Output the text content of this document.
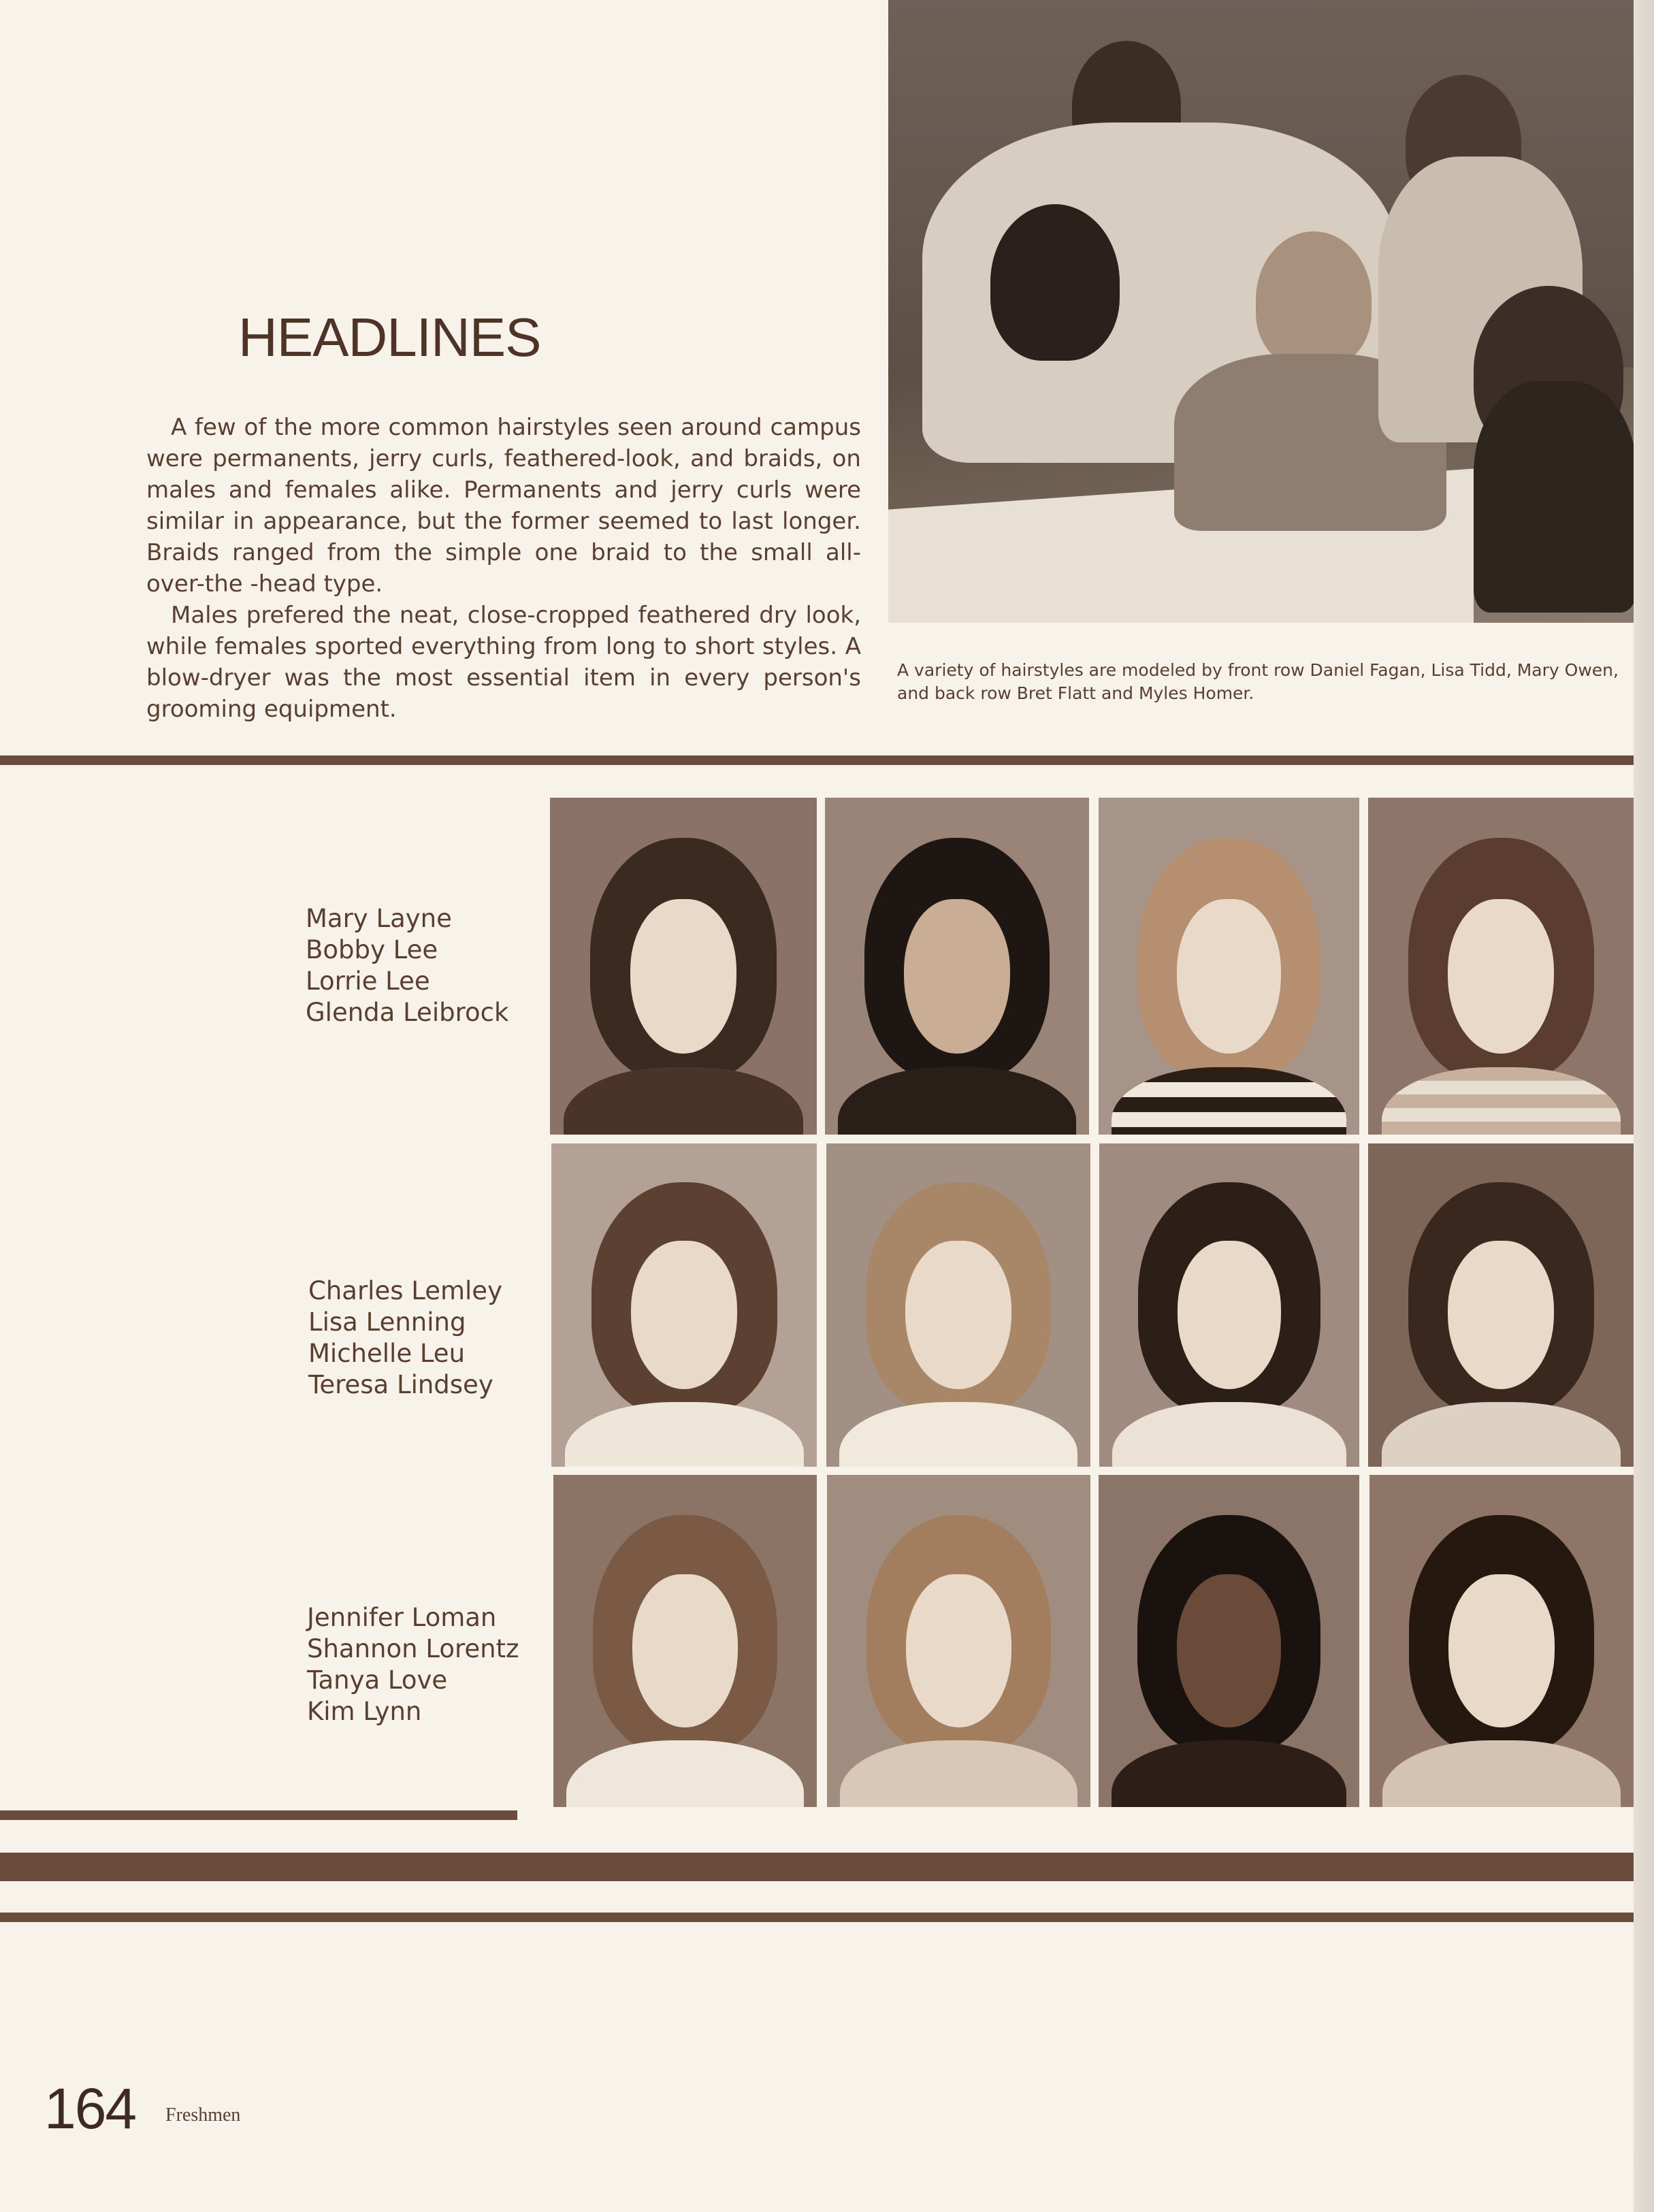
A variety of hairstyles are modeled by front row Daniel Fagan, Lisa Tidd, Mary Owen, and back row Bret Flatt and Myles Homer.
HEADLINES

A few of the more common hairstyles seen around campus were permanents, jerry curls, feathered-look, and braids, on males and females alike. Permanents and jerry curls were similar in appearance, but the former seemed to last longer. Braids ranged from the simple one braid to the small all-over-the -head type.

Males prefered the neat, close-cropped feathered dry look, while females sported everything from long to short styles. A blow-dryer was the most essential item in every person's grooming equipment.

Mary Layne
Bobby Lee
Lorrie Lee
Glenda Leibrock
Charles Lemley
Lisa Lenning
Michelle Leu
Teresa Lindsey
Jennifer Loman
Shannon Lorentz
Tanya Love
Kim Lynn
164 Freshmen
